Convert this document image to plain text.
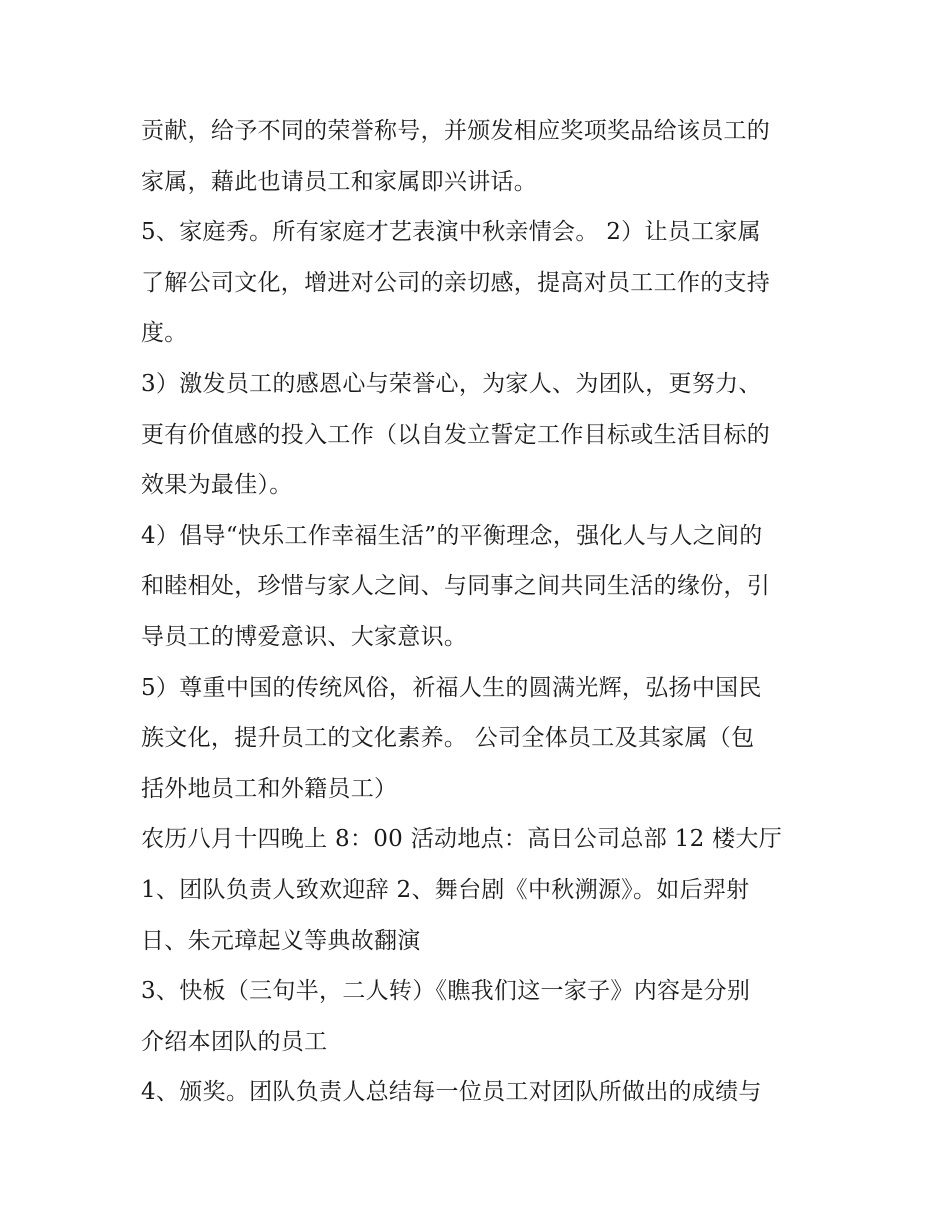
贡献，给予不同的荣誉称号，并颁发相应奖项奖品给该员工的
家属，藉此也请员工和家属即兴讲话。
5、家庭秀。所有家庭才艺表演中秋亲情会。 2）让员工家属
了解公司文化，增进对公司的亲切感，提高对员工工作的支持
度。
3）激发员工的感恩心与荣誉心，为家人、为团队，更努力、
更有价值感的投入工作（以自发立誓定工作目标或生活目标的
效果为最佳）。
4）倡导“快乐工作幸福生活”的平衡理念，强化人与人之间的
和睦相处，珍惜与家人之间、与同事之间共同生活的缘份，引
导员工的博爱意识、大家意识。
5）尊重中国的传统风俗，祈福人生的圆满光辉，弘扬中国民
族文化，提升员工的文化素养。 公司全体员工及其家属（包
括外地员工和外籍员工）
农历八月十四晚上 8：00 活动地点：高日公司总部 12 楼大厅
1、团队负责人致欢迎辞 2、舞台剧《中秋溯源》。如后羿射
日、朱元璋起义等典故翻演
3、快板（三句半，二人转）《瞧我们这一家子》内容是分别
介绍本团队的员工
4、颁奖。团队负责人总结每一位员工对团队所做出的成绩与
